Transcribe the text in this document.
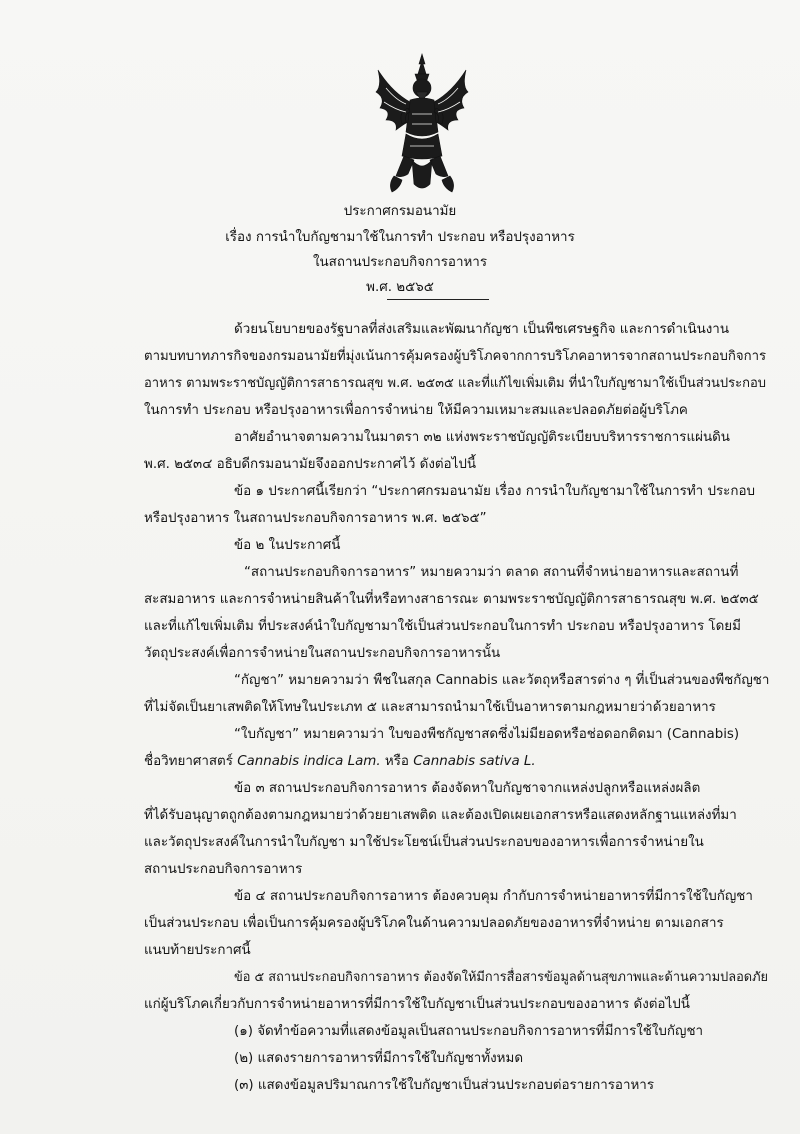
ประกาศกรมอนามัย
เรื่อง การนำใบกัญชามาใช้ในการทำ ประกอบ หรือปรุงอาหาร
ในสถานประกอบกิจการอาหาร
พ.ศ. ๒๕๖๕
ด้วยนโยบายของรัฐบาลที่ส่งเสริมและพัฒนากัญชา เป็นพืชเศรษฐกิจ และการดำเนินงาน
ตามบทบาทภารกิจของกรมอนามัยที่มุ่งเน้นการคุ้มครองผู้บริโภคจากการบริโภคอาหารจากสถานประกอบกิจการ
อาหาร ตามพระราชบัญญัติการสาธารณสุข พ.ศ. ๒๕๓๕ และที่แก้ไขเพิ่มเติม ที่นำใบกัญชามาใช้เป็นส่วนประกอบ
ในการทำ ประกอบ หรือปรุงอาหารเพื่อการจำหน่าย ให้มีความเหมาะสมและปลอดภัยต่อผู้บริโภค
อาศัยอำนาจตามความในมาตรา ๓๒ แห่งพระราชบัญญัติระเบียบบริหารราชการแผ่นดิน
พ.ศ. ๒๕๓๔ อธิบดีกรมอนามัยจึงออกประกาศไว้ ดังต่อไปนี้
ข้อ ๑ ประกาศนี้เรียกว่า “ประกาศกรมอนามัย เรื่อง การนำใบกัญชามาใช้ในการทำ ประกอบ
หรือปรุงอาหาร ในสถานประกอบกิจการอาหาร พ.ศ. ๒๕๖๕”
ข้อ ๒ ในประกาศนี้
“สถานประกอบกิจการอาหาร” หมายความว่า ตลาด สถานที่จำหน่ายอาหารและสถานที่
สะสมอาหาร และการจำหน่ายสินค้าในที่หรือทางสาธารณะ ตามพระราชบัญญัติการสาธารณสุข พ.ศ. ๒๕๓๕
และที่แก้ไขเพิ่มเติม ที่ประสงค์นำใบกัญชามาใช้เป็นส่วนประกอบในการทำ ประกอบ หรือปรุงอาหาร โดยมี
วัตถุประสงค์เพื่อการจำหน่ายในสถานประกอบกิจการอาหารนั้น
“กัญชา” หมายความว่า พืชในสกุล Cannabis และวัตถุหรือสารต่าง ๆ ที่เป็นส่วนของพืชกัญชา
ที่ไม่จัดเป็นยาเสพติดให้โทษในประเภท ๕ และสามารถนำมาใช้เป็นอาหารตามกฎหมายว่าด้วยอาหาร
“ใบกัญชา” หมายความว่า ใบของพืชกัญชาสดซึ่งไม่มียอดหรือช่อดอกติดมา (Cannabis)
ชื่อวิทยาศาสตร์ Cannabis indica Lam. หรือ Cannabis sativa L.
ข้อ ๓ สถานประกอบกิจการอาหาร ต้องจัดหาใบกัญชาจากแหล่งปลูกหรือแหล่งผลิต
ที่ได้รับอนุญาตถูกต้องตามกฎหมายว่าด้วยยาเสพติด และต้องเปิดเผยเอกสารหรือแสดงหลักฐานแหล่งที่มา
และวัตถุประสงค์ในการนำใบกัญชา มาใช้ประโยชน์เป็นส่วนประกอบของอาหารเพื่อการจำหน่ายใน
สถานประกอบกิจการอาหาร
ข้อ ๔ สถานประกอบกิจการอาหาร ต้องควบคุม กำกับการจำหน่ายอาหารที่มีการใช้ใบกัญชา
เป็นส่วนประกอบ เพื่อเป็นการคุ้มครองผู้บริโภคในด้านความปลอดภัยของอาหารที่จำหน่าย ตามเอกสาร
แนบท้ายประกาศนี้
ข้อ ๕ สถานประกอบกิจการอาหาร ต้องจัดให้มีการสื่อสารข้อมูลด้านสุขภาพและด้านความปลอดภัย
แก่ผู้บริโภคเกี่ยวกับการจำหน่ายอาหารที่มีการใช้ใบกัญชาเป็นส่วนประกอบของอาหาร ดังต่อไปนี้
(๑) จัดทำข้อความที่แสดงข้อมูลเป็นสถานประกอบกิจการอาหารที่มีการใช้ใบกัญชา
(๒) แสดงรายการอาหารที่มีการใช้ใบกัญชาทั้งหมด
(๓) แสดงข้อมูลปริมาณการใช้ใบกัญชาเป็นส่วนประกอบต่อรายการอาหาร
